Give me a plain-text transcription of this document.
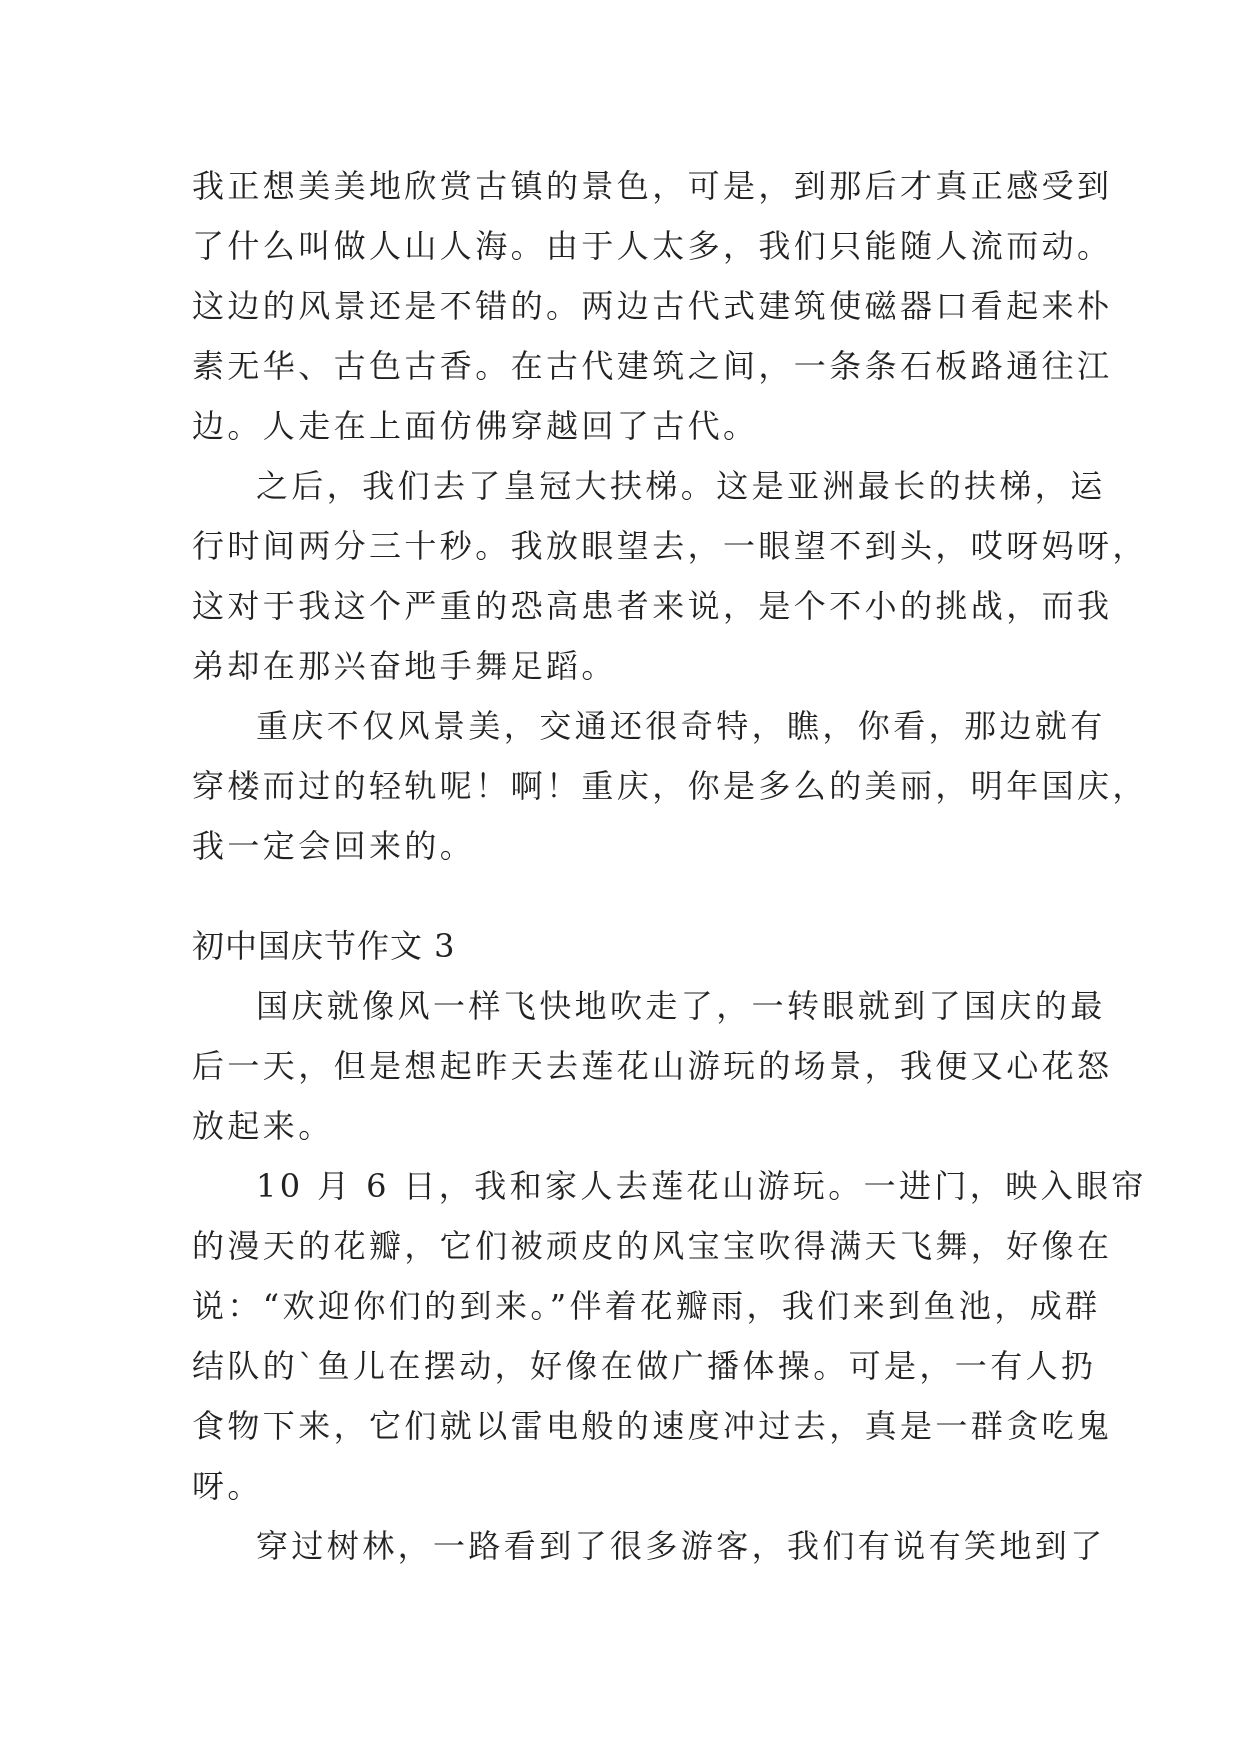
我正想美美地欣赏古镇的景色，可是，到那后才真正感受到
了什么叫做人山人海。由于人太多，我们只能随人流而动。
这边的风景还是不错的。两边古代式建筑使磁器口看起来朴
素无华、古色古香。在古代建筑之间，一条条石板路通往江
边。人走在上面仿佛穿越回了古代。
之后，我们去了皇冠大扶梯。这是亚洲最长的扶梯，运
行时间两分三十秒。我放眼望去，一眼望不到头，哎呀妈呀，
这对于我这个严重的恐高患者来说，是个不小的挑战，而我
弟却在那兴奋地手舞足蹈。
重庆不仅风景美，交通还很奇特，瞧，你看，那边就有
穿楼而过的轻轨呢！啊！重庆，你是多么的美丽，明年国庆，
我一定会回来的。
初中国庆节作文 3
国庆就像风一样飞快地吹走了，一转眼就到了国庆的最
后一天，但是想起昨天去莲花山游玩的场景，我便又心花怒
放起来。
10 月 6 日，我和家人去莲花山游玩。一进门，映入眼帘
的漫天的花瓣，它们被顽皮的风宝宝吹得满天飞舞，好像在
说：“欢迎你们的到来。”伴着花瓣雨，我们来到鱼池，成群
结队的`鱼儿在摆动，好像在做广播体操。可是，一有人扔
食物下来，它们就以雷电般的速度冲过去，真是一群贪吃鬼
呀。
穿过树林，一路看到了很多游客，我们有说有笑地到了
